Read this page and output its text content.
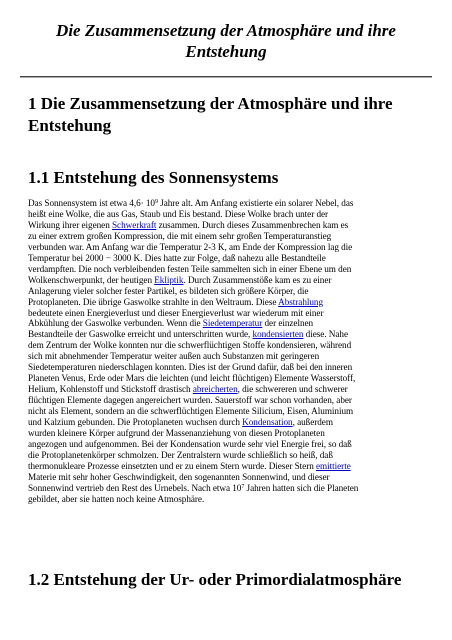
Die Zusammensetzung der Atmosphäre und ihre Entstehung
1 Die Zusammensetzung der Atmosphäre und ihre Entstehung
1.1 Entstehung des Sonnensystems
Das Sonnensystem ist etwa $4,6\cdot 10^9$ Jahre alt. Am Anfang existierte ein solarer Nebel, das
heißt eine Wolke, die aus Gas, Staub und Eis bestand. Diese Wolke brach unter der
Wirkung ihrer eigenen Schwerkraft zusammen. Durch dieses Zusammenbrechen kam es
zu einer extrem großen Kompression, die mit einem sehr großen Temperaturanstieg
verbunden war. Am Anfang war die Temperatur 2-3 K, am Ende der Kompression lag die
Temperatur bei 2000 − 3000 K. Dies hatte zur Folge, daß nahezu alle Bestandteile
verdampften. Die noch verbleibenden festen Teile sammelten sich in einer Ebene um den
Wolkenschwerpunkt, der heutigen Ekliptik. Durch Zusammenstöße kam es zu einer
Anlagerung vieler solcher fester Partikel, es bildeten sich größere Körper, die
Protoplaneten. Die übrige Gaswolke strahlte in den Weltraum. Diese Abstrahlung
bedeutete einen Energieverlust und dieser Energieverlust war wiederum mit einer
Abkühlung der Gaswolke verbunden. Wenn die Siedetemperatur der einzelnen
Bestandteile der Gaswolke erreicht und unterschritten wurde, kondensierten diese. Nahe
dem Zentrum der Wolke konnten nur die schwerflüchtigen Stoffe kondensieren, während
sich mit abnehmender Temperatur weiter außen auch Substanzen mit geringeren
Siedetemperaturen niederschlagen konnten. Dies ist der Grund dafür, daß bei den inneren
Planeten Venus, Erde oder Mars die leichten (und leicht flüchtigen) Elemente Wasserstoff,
Helium, Kohlenstoff und Stickstoff drastisch abreicherten, die schwereren und schwerer
flüchtigen Elemente dagegen angereichert wurden. Sauerstoff war schon vorhanden, aber
nicht als Element, sondern an die schwerflüchtigen Elemente Silicium, Eisen, Aluminium
und Kalzium gebunden. Die Protoplaneten wuchsen durch Kondensation, außerdem
wurden kleinere Körper aufgrund der Massenanziehung von diesen Protoplaneten
angezogen und aufgenommen. Bei der Kondensation wurde sehr viel Energie frei, so daß
die Protoplanetenkörper schmolzen. Der Zentralstern wurde schließlich so heiß, daß
thermonukleare Prozesse einsetzten und er zu einem Stern wurde. Dieser Stern emittierte
Materie mit sehr hoher Geschwindigkeit, den sogenannten Sonnenwind, und dieser
Sonnenwind vertrieb den Rest des Urnebels. Nach etwa $10^7$ Jahren hatten sich die Planeten
gebildet, aber sie hatten noch keine Atmosphäre.
1.2 Entstehung der Ur- oder Primordialatmosphäre
